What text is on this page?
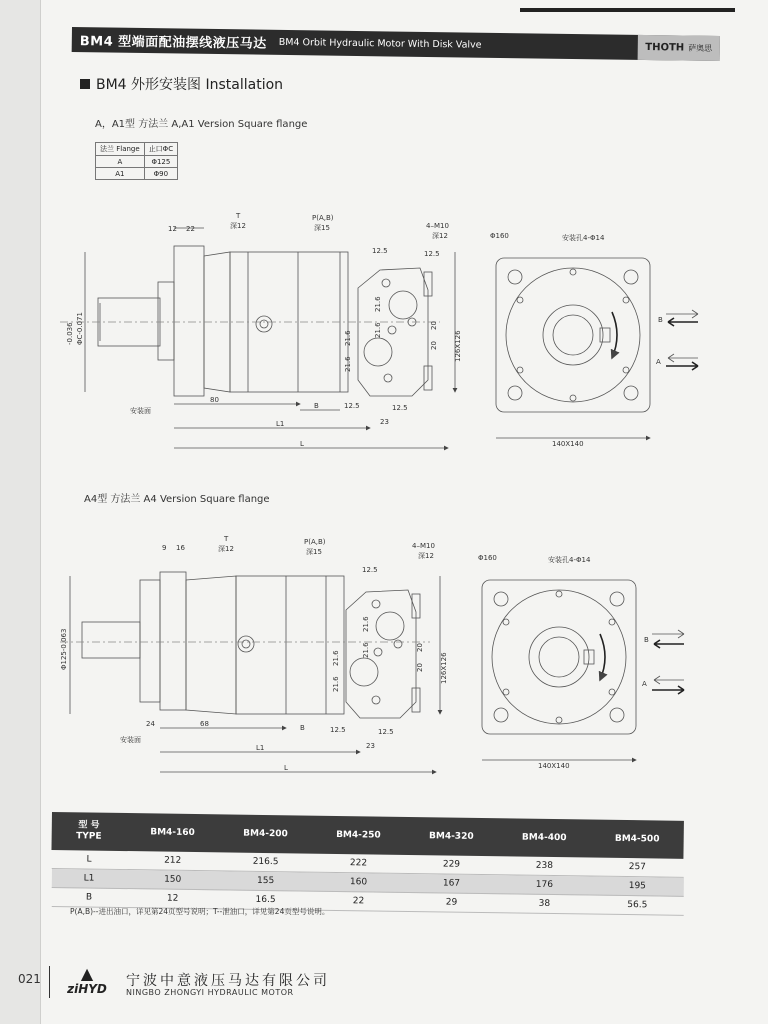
BM4 型端面配油摆线液压马达	BM4 Orbit Hydraulic Motor With Disk Valve	THOTH 萨奥思
BM4 外形安装图 Installation
A，A1型 方法兰 A,A1 Version Square flange
法兰 Flange	止口ΦC
A	Φ125
A1	Φ90
12 22
T
深12
P(A,B)
深15	4–M10
深12
12.5	12.5
80
B	12.5	12.5
23
L1
L
安装面
21.6
21.6
21.6
21.6
20
20 126X126
-0.036 ΦC-0.071
Φ160	安装孔4-Φ14
140X140
B
A
9 16
T
深12
P(A,B)
深15
4–M10
深12
12.5
24	68	B	12.5	12.5
23
L1
L
安装面
21.6
21.6
21.6
21.6
20
20 126X126
Φ125-0.063
Φ160	安装孔4-Φ14
140X140
B
A
A4型 方法兰 A4 Version Square flange
型 号
TYPE	BM4-160	BM4-200	BM4-250	BM4-320	BM4-400	BM4-500
L	212	216.5	222	229	238	257
L1	150	155	160	167	176	195
B	12	16.5	22	29	38	56.5
P(A,B)--进出油口，详见第24页型号说明；T--泄油口，详见第24页型号说明。
021	▲
ziHYD	宁波中意液压马达有限公司
NINGBO ZHONGYI HYDRAULIC MOTOR
